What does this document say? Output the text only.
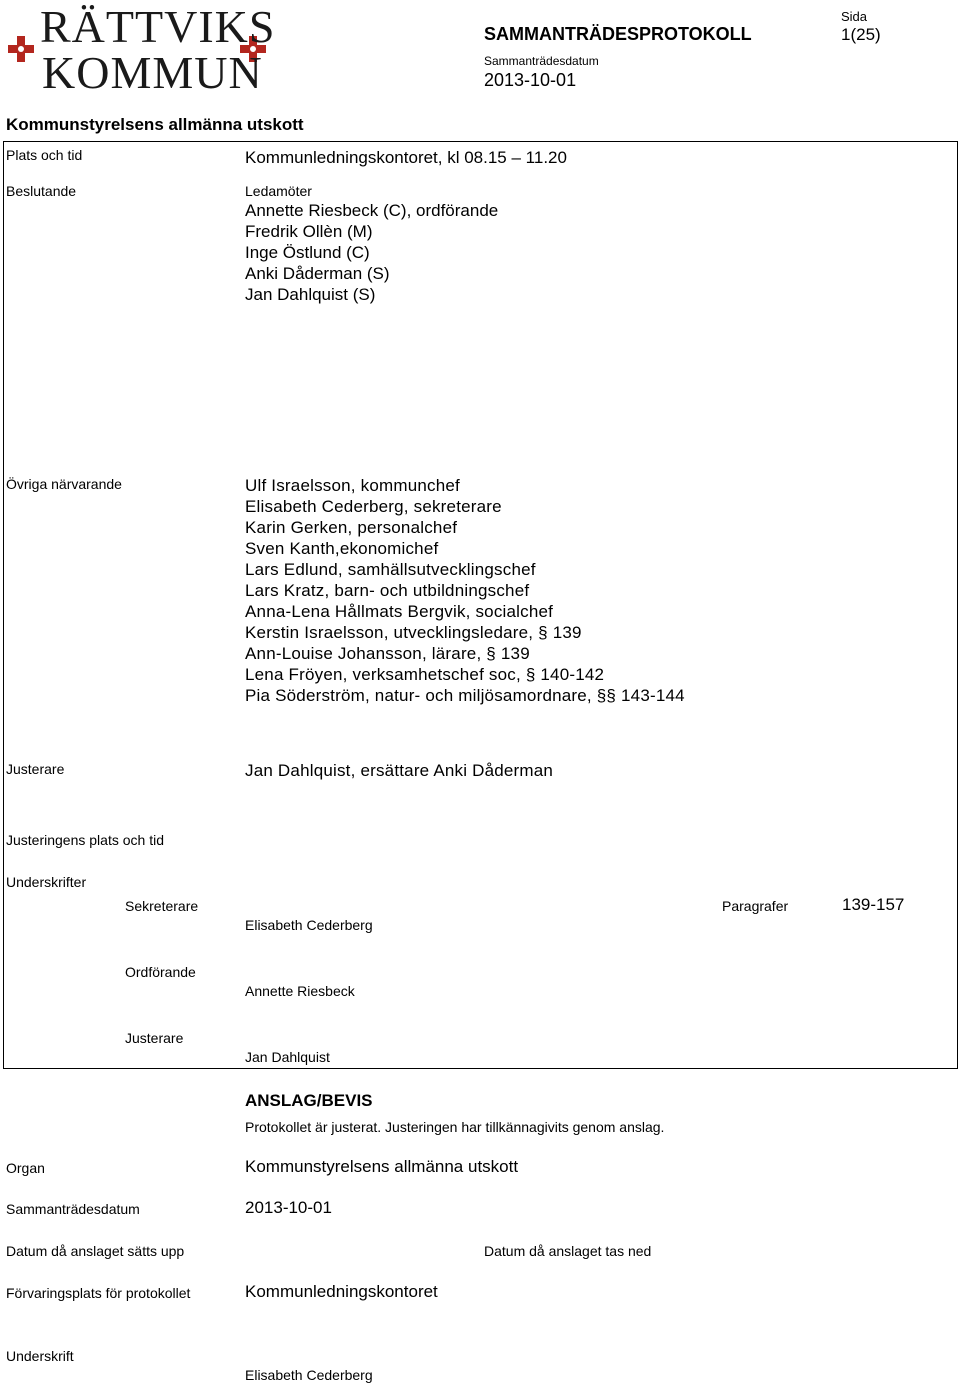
RÄTTVIKS
KOMMUN
SAMMANTRÄDESPROTOKOLL
Sammanträdesdatum
2013-10-01
Sida
1(25)
Kommunstyrelsens allmänna utskott
Plats och tid	Kommunledningskontoret, kl 08.15 – 11.20
Beslutande	Ledamöter
Annette Riesbeck (C), ordförande
Fredrik Ollèn (M)
Inge Östlund (C)
Anki Dåderman (S)
Jan Dahlquist (S)
Övriga närvarande	Ulf Israelsson, kommunchef
Elisabeth Cederberg, sekreterare
Karin Gerken, personalchef
Sven Kanth,ekonomichef
Lars Edlund, samhällsutvecklingschef
Lars Kratz, barn- och utbildningschef
Anna-Lena Hållmats Bergvik, socialchef
Kerstin Israelsson, utvecklingsledare, § 139
Ann-Louise Johansson, lärare, § 139
Lena Fröyen, verksamhetschef soc, § 140-142
Pia Söderström, natur- och miljösamordnare, §§ 143-144
Justerare	Jan Dahlquist, ersättare Anki Dåderman
Justeringens plats och tid
Underskrifter
Sekreterare
Elisabeth Cederberg
Paragrafer	139-157
Ordförande
Annette Riesbeck
Justerare
Jan Dahlquist
ANSLAG/BEVIS
Protokollet är justerat. Justeringen har tillkännagivits genom anslag.
Organ	Kommunstyrelsens allmänna utskott
Sammanträdesdatum	2013-10-01
Datum då anslaget sätts upp	Datum då anslaget tas ned
Förvaringsplats för protokollet	Kommunledningskontoret
Underskrift
Elisabeth Cederberg
